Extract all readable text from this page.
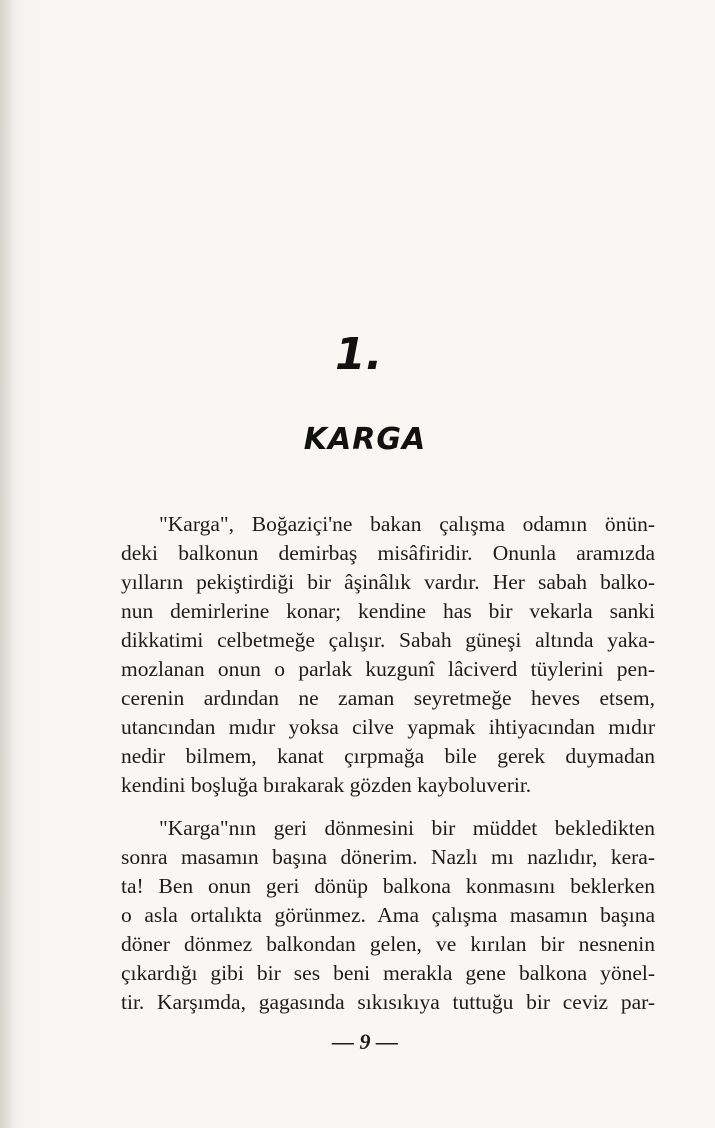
1.
KARGA

"Karga", Boğaziçi'ne bakan çalışma odamın önün-
deki balkonun demirbaş misâfiridir. Onunla aramızda
yılların pekiştirdiği bir âşinâlık vardır. Her sabah balko-
nun demirlerine konar; kendine has bir vekarla sanki
dikkatimi celbetmeğe çalışır. Sabah güneşi altında yaka-
mozlanan onun o parlak kuzgunî lâciverd tüylerini pen-
cerenin ardından ne zaman seyretmeğe heves etsem,
utancından mıdır yoksa cilve yapmak ihtiyacından mıdır
nedir bilmem, kanat çırpmağa bile gerek duymadan
kendini boşluğa bırakarak gözden kayboluverir.

"Karga"nın geri dönmesini bir müddet bekledikten
sonra masamın başına dönerim. Nazlı mı nazlıdır, kera-
ta! Ben onun geri dönüp balkona konmasını beklerken
o asla ortalıkta görünmez. Ama çalışma masamın başına
döner dönmez balkondan gelen, ve kırılan bir nesnenin
çıkardığı gibi bir ses beni merakla gene balkona yönel-
tir. Karşımda, gagasında sıkısıkıya tuttuğu bir ceviz par-

— 9 —
